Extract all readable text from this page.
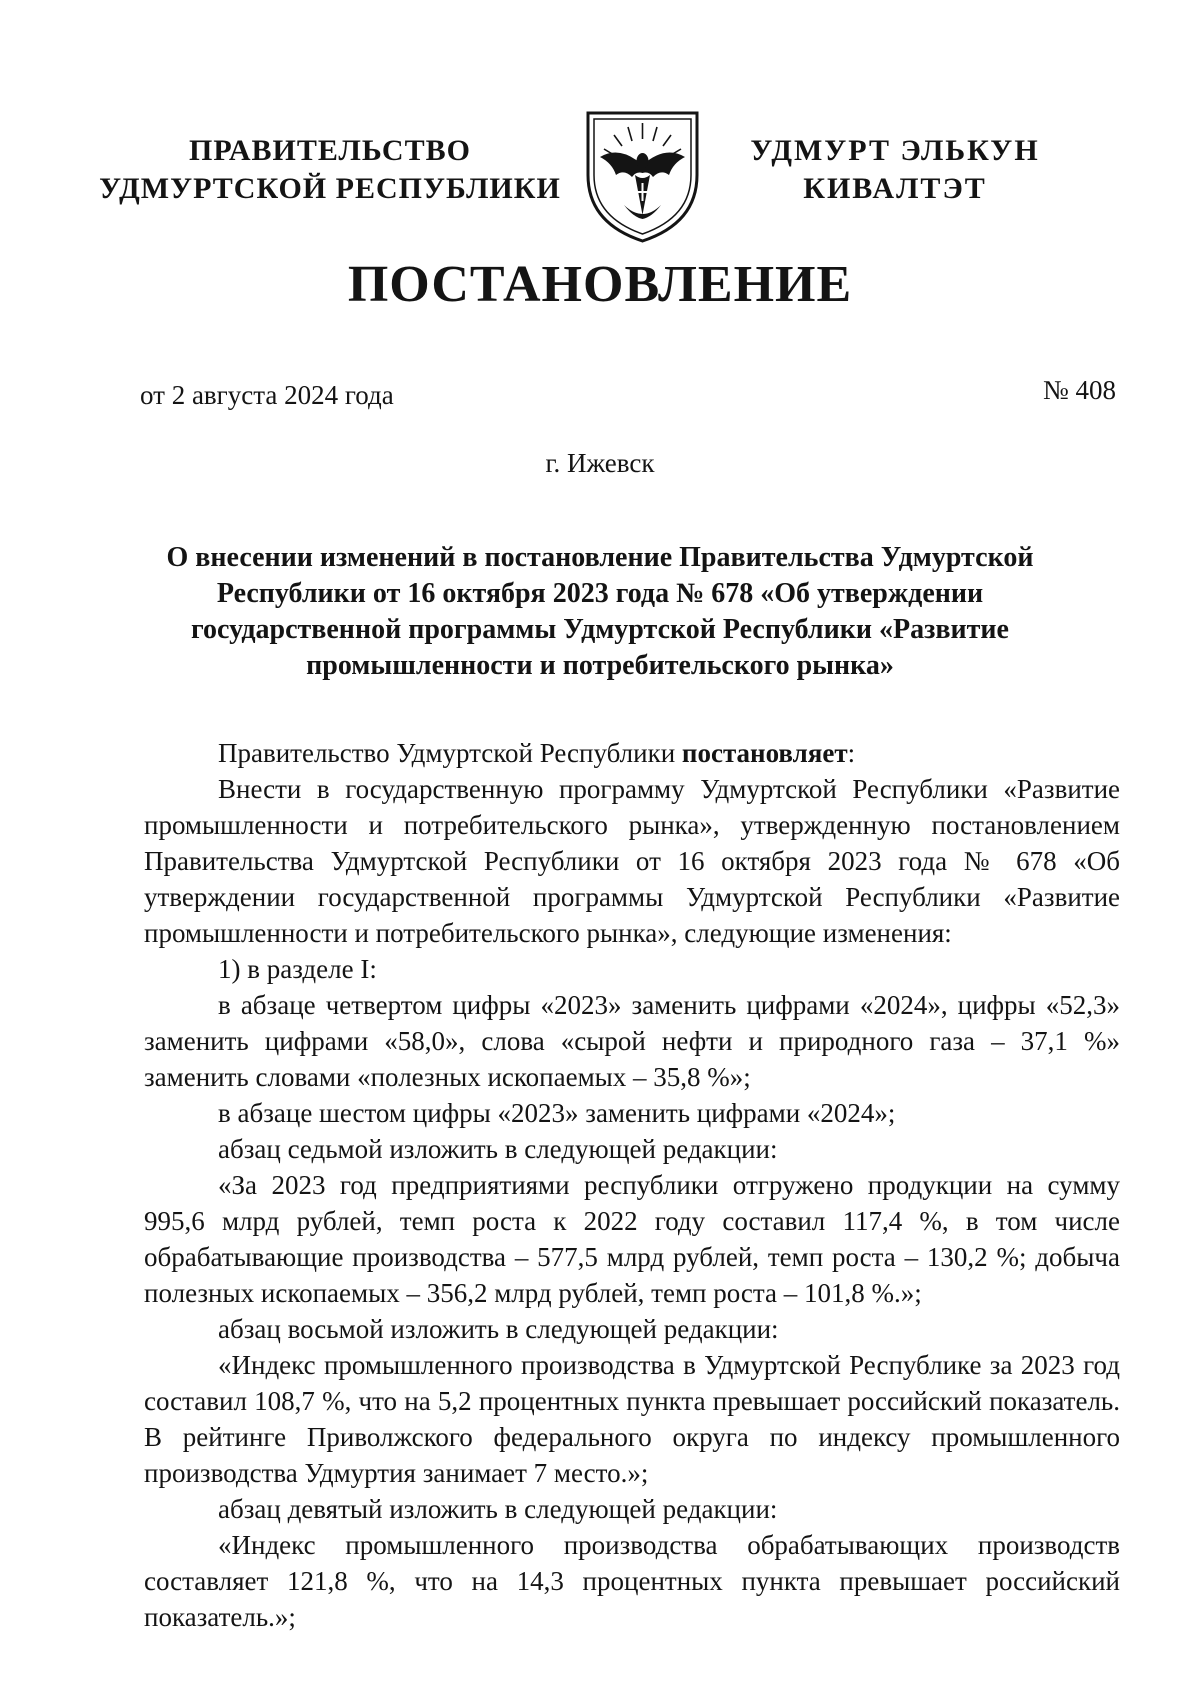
ПРАВИТЕЛЬСТВО
УДМУРТСКОЙ РЕСПУБЛИКИ
УДМУРТ ЭЛЬКУН
КИВАЛТЭТ
ПОСТАНОВЛЕНИЕ
от 2 августа 2024 года	№ 408
г. Ижевск
О внесении изменений в постановление Правительства Удмуртской Республики от 16 октября 2023 года № 678 «Об утверждении государственной программы Удмуртской Республики «Развитие промышленности и потребительского рынка»

Правительство Удмуртской Республики постановляет:

Внести в государственную программу Удмуртской Республики «Развитие промышленности и потребительского рынка», утвержденную постановлением Правительства Удмуртской Республики от 16 октября 2023 года № 678 «Об утверждении государственной программы Удмуртской Республики «Развитие промышленности и потребительского рынка», следующие изменения:

1) в разделе I:

в абзаце четвертом цифры «2023» заменить цифрами «2024», цифры «52,3» заменить цифрами «58,0», слова «сырой нефти и природного газа – 37,1 %» заменить словами «полезных ископаемых – 35,8 %»;

в абзаце шестом цифры «2023» заменить цифрами «2024»;

абзац седьмой изложить в следующей редакции:

«За 2023 год предприятиями республики отгружено продукции на сумму 995,6 млрд рублей, темп роста к 2022 году составил 117,4 %, в том числе обрабатывающие производства – 577,5 млрд рублей, темп роста – 130,2 %; добыча полезных ископаемых – 356,2 млрд рублей, темп роста – 101,8 %.»;

абзац восьмой изложить в следующей редакции:

«Индекс промышленного производства в Удмуртской Республике за 2023 год составил 108,7 %, что на 5,2 процентных пункта превышает российский показатель. В рейтинге Приволжского федерального округа по индексу промышленного производства Удмуртия занимает 7 место.»;

абзац девятый изложить в следующей редакции:

«Индекс промышленного производства обрабатывающих производств составляет 121,8 %, что на 14,3 процентных пункта превышает российский показатель.»;
